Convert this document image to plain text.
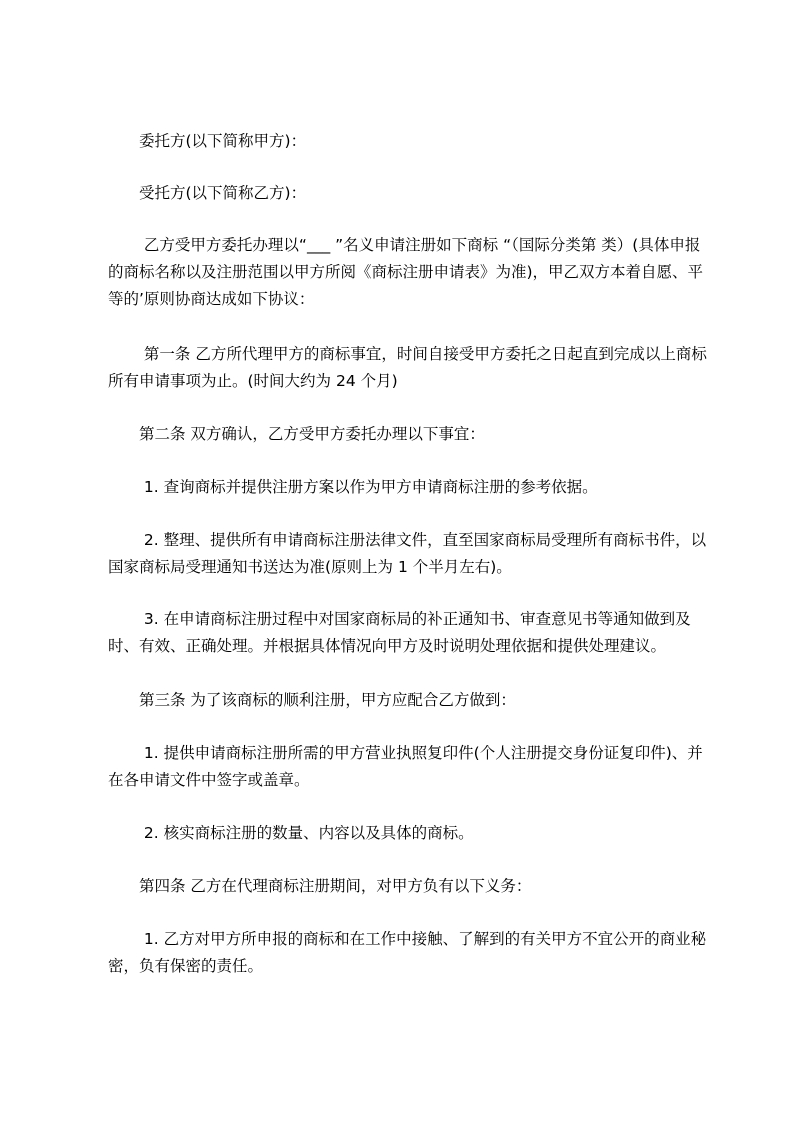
　　委托方(以下简称甲方)：

　　受托方(以下简称乙方)：

　　 乙方受甲方委托办理以“___ ”名义申请注册如下商标 “（国际分类第 类）(具体申报的商标名称以及注册范围以甲方所阅《商标注册申请表》为准)，甲乙双方本着自愿、平等的’原则协商达成如下协议：

　　 第一条 乙方所代理甲方的商标事宜，时间自接受甲方委托之日起直到完成以上商标所有申请事项为止。(时间大约为 24 个月)

　　第二条 双方确认，乙方受甲方委托办理以下事宜：

　　 1. 查询商标并提供注册方案以作为甲方申请商标注册的参考依据。

　　 2. 整理、提供所有申请商标注册法律文件，直至国家商标局受理所有商标书件，以国家商标局受理通知书送达为准(原则上为 1 个半月左右)。

　　 3. 在申请商标注册过程中对国家商标局的补正通知书、审查意见书等通知做到及时、有效、正确处理。并根据具体情况向甲方及时说明处理依据和提供处理建议。

　　第三条 为了该商标的顺利注册，甲方应配合乙方做到：

　　 1. 提供申请商标注册所需的甲方营业执照复印件(个人注册提交身份证复印件)、并在各申请文件中签字或盖章。

　　 2. 核实商标注册的数量、内容以及具体的商标。

　　第四条 乙方在代理商标注册期间，对甲方负有以下义务：

　　 1. 乙方对甲方所申报的商标和在工作中接触、了解到的有关甲方不宜公开的商业秘密，负有保密的责任。
